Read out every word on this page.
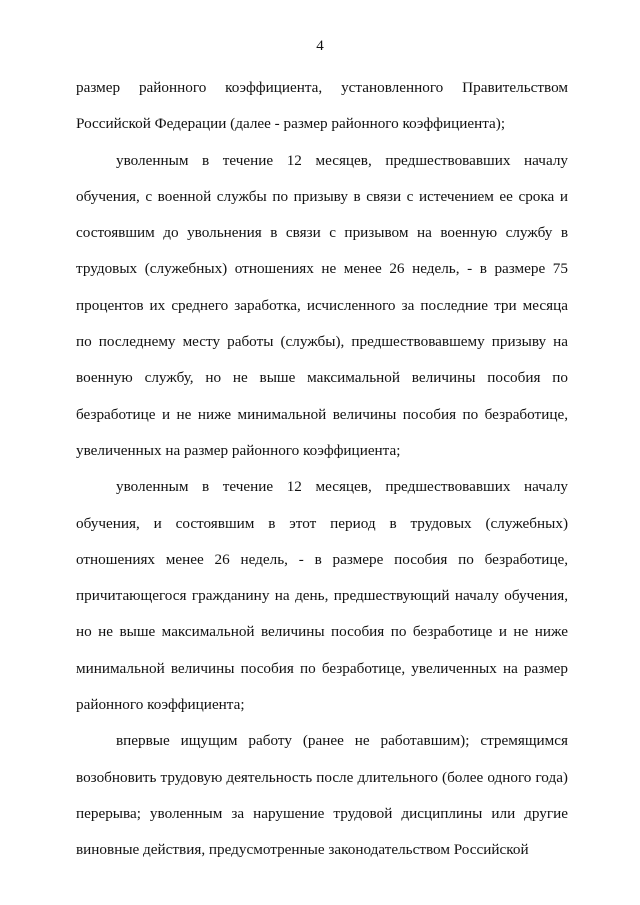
4

размер районного коэффициента, установленного Правительством Российской Федерации (далее - размер районного коэффициента);

уволенным в течение 12 месяцев, предшествовавших началу обучения, с военной службы по призыву в связи с истечением ее срока и состоявшим до увольнения в связи с призывом на военную службу в трудовых (служебных) отношениях не менее 26 недель, - в размере 75 процентов их среднего заработка, исчисленного за последние три месяца по последнему месту работы (службы), предшествовавшему призыву на военную службу, но не выше максимальной величины пособия по безработице и не ниже минимальной величины пособия по безработице, увеличенных на размер районного коэффициента;

уволенным в течение 12 месяцев, предшествовавших началу обучения, и состоявшим в этот период в трудовых (служебных) отношениях менее 26 недель, - в размере пособия по безработице, причитающегося гражданину на день, предшествующий началу обучения, но не выше максимальной величины пособия по безработице и не ниже минимальной величины пособия по безработице, увеличенных на размер районного коэффициента;

впервые ищущим работу (ранее не работавшим); стремящимся возобновить трудовую деятельность после длительного (более одного года) перерыва; уволенным за нарушение трудовой дисциплины или другие виновные действия, предусмотренные законодательством Российской
